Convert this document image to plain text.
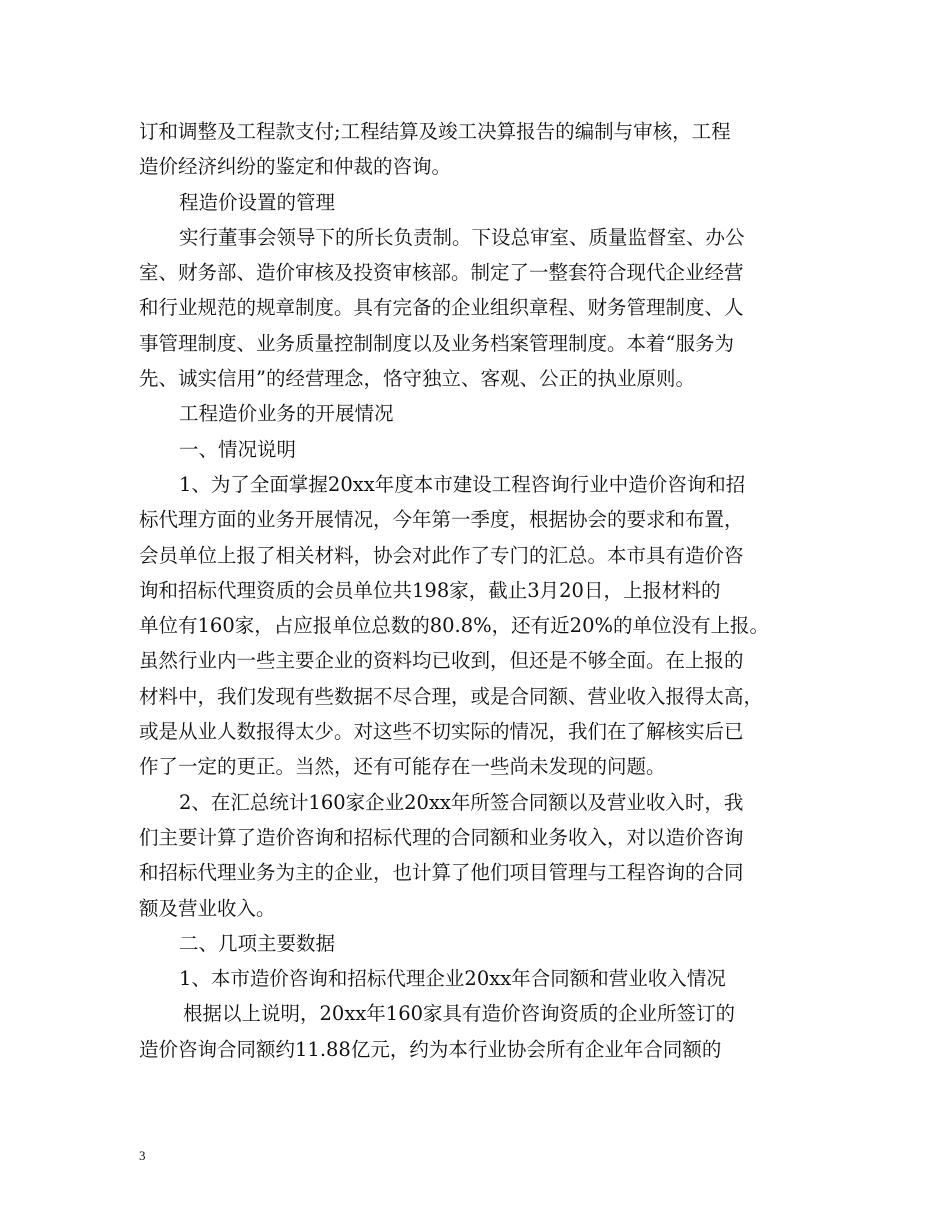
订和调整及工程款支付;工程结算及竣工决算报告的编制与审核，工程
造价经济纠纷的鉴定和仲裁的咨询。
程造价设置的管理
实行董事会领导下的所长负责制。下设总审室、质量监督室、办公
室、财务部、造价审核及投资审核部。制定了一整套符合现代企业经营
和行业规范的规章制度。具有完备的企业组织章程、财务管理制度、人
事管理制度、业务质量控制制度以及业务档案管理制度。本着“服务为
先、诚实信用”的经营理念，恪守独立、客观、公正的执业原则。
工程造价业务的开展情况
一、情况说明
1、为了全面掌握20xx年度本市建设工程咨询行业中造价咨询和招
标代理方面的业务开展情况，今年第一季度，根据协会的要求和布置，
会员单位上报了相关材料，协会对此作了专门的汇总。本市具有造价咨
询和招标代理资质的会员单位共198家，截止3月20日，上报材料的
单位有160家，占应报单位总数的80.8%，还有近20%的单位没有上报。
虽然行业内一些主要企业的资料均已收到，但还是不够全面。在上报的
材料中，我们发现有些数据不尽合理，或是合同额、营业收入报得太高，
或是从业人数报得太少。对这些不切实际的情况，我们在了解核实后已
作了一定的更正。当然，还有可能存在一些尚未发现的问题。
2、在汇总统计160家企业20xx年所签合同额以及营业收入时，我
们主要计算了造价咨询和招标代理的合同额和业务收入，对以造价咨询
和招标代理业务为主的企业，也计算了他们项目管理与工程咨询的合同
额及营业收入。
二、几项主要数据
1、本市造价咨询和招标代理企业20xx年合同额和营业收入情况
根据以上说明，20xx年160家具有造价咨询资质的企业所签订的
造价咨询合同额约11.88亿元，约为本行业协会所有企业年合同额的
3
